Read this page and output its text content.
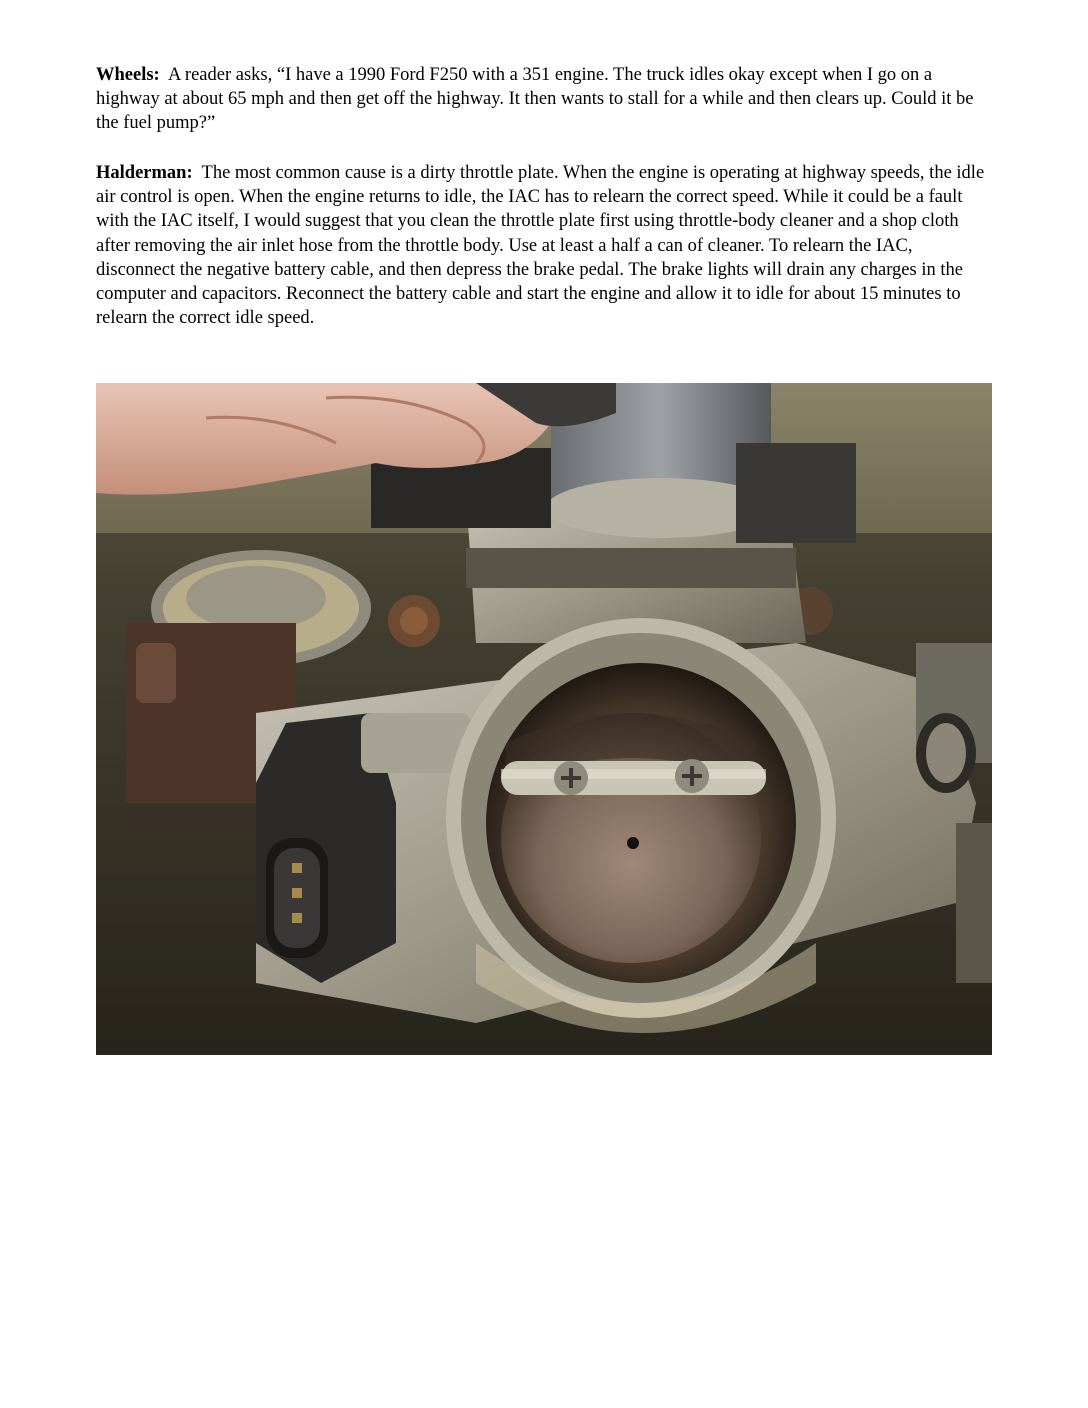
Wheels: A reader asks, “I have a 1990 Ford F250 with a 351 engine. The truck idles okay except when I go on a highway at about 65 mph and then get off the highway. It then wants to stall for a while and then clears up. Could it be the fuel pump?”

Halderman: The most common cause is a dirty throttle plate. When the engine is operating at highway speeds, the idle air control is open. When the engine returns to idle, the IAC has to relearn the correct speed. While it could be a fault with the IAC itself, I would suggest that you clean the throttle plate first using throttle-body cleaner and a shop cloth after removing the air inlet hose from the throttle body. Use at least a half a can of cleaner. To relearn the IAC, disconnect the negative battery cable, and then depress the brake pedal. The brake lights will drain any charges in the computer and capacitors. Reconnect the battery cable and start the engine and allow it to idle for about 15 minutes to relearn the correct idle speed.
